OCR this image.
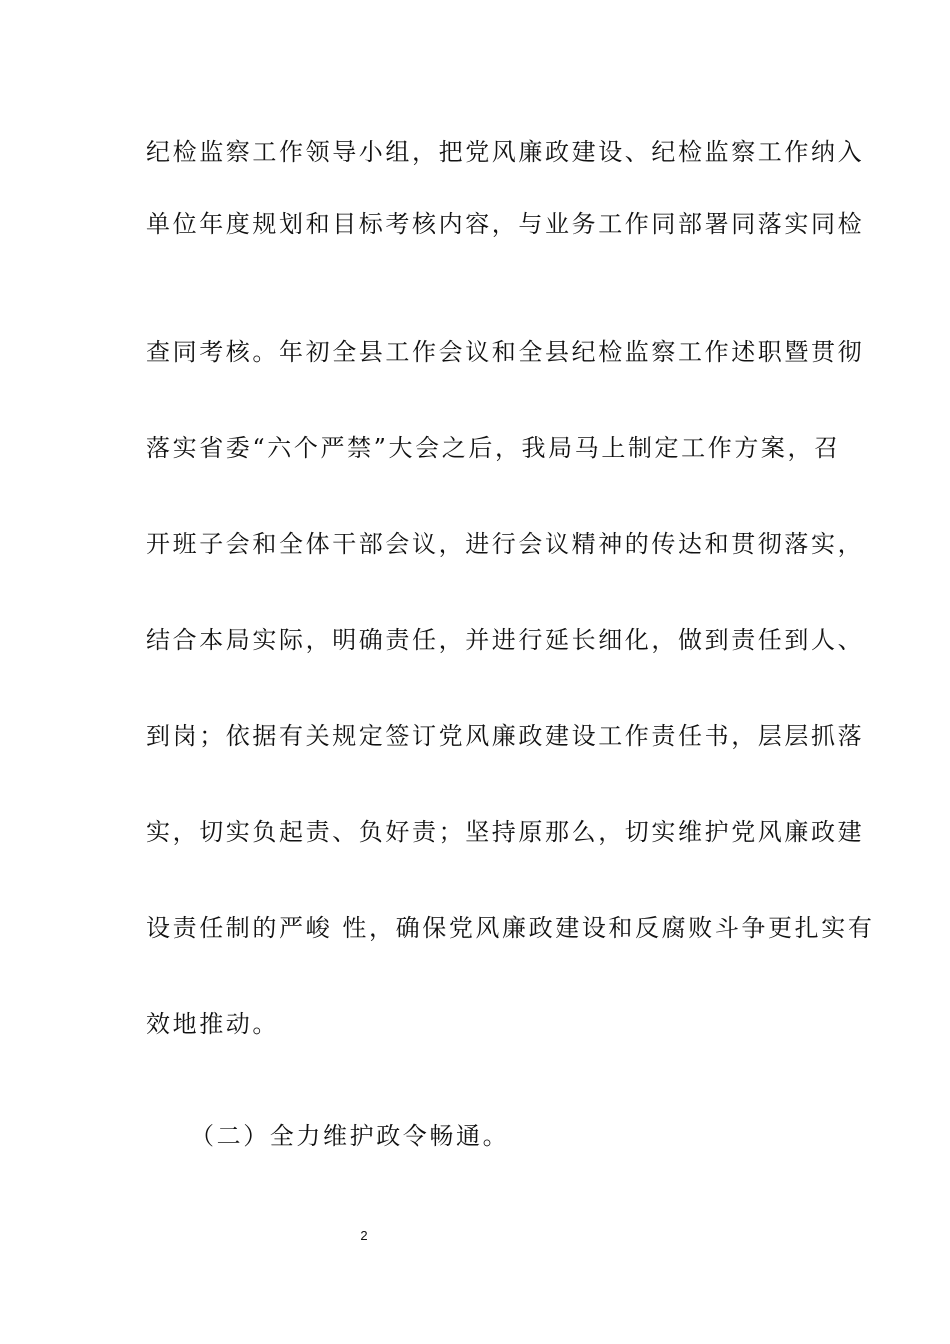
纪检监察工作领导小组，把党风廉政建设、纪检监察工作纳入
单位年度规划和目标考核内容，与业务工作同部署同落实同检
查同考核。年初全县工作会议和全县纪检监察工作述职暨贯彻
落实省委“六个严禁”大会之后，我局马上制定工作方案，召
开班子会和全体干部会议，进行会议精神的传达和贯彻落实，
结合本局实际，明确责任，并进行延长细化，做到责任到人、
到岗；依据有关规定签订党风廉政建设工作责任书，层层抓落
实，切实负起责、负好责；坚持原那么，切实维护党风廉政建
设责任制的严峻 性，确保党风廉政建设和反腐败斗争更扎实有
效地推动。
（二）全力维护政令畅通。
2
